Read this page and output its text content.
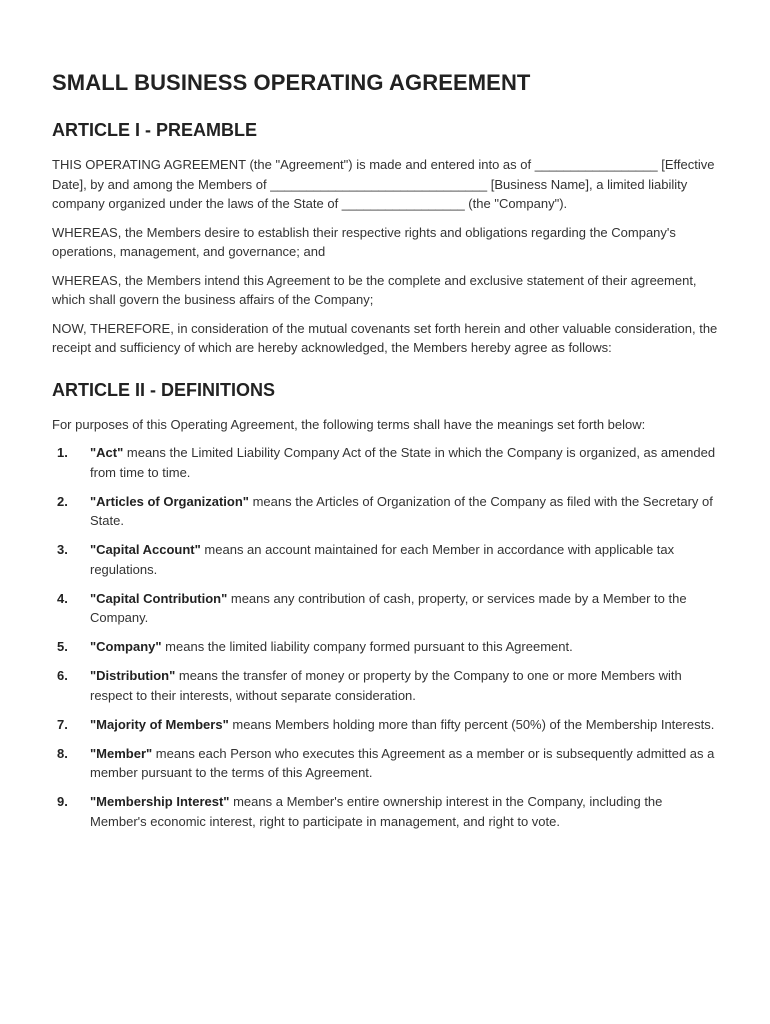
SMALL BUSINESS OPERATING AGREEMENT
ARTICLE I - PREAMBLE

THIS OPERATING AGREEMENT (the "Agreement") is made and entered into as of _________________ [Effective Date], by and among the Members of ______________________________ [Business Name], a limited liability company organized under the laws of the State of _________________ (the "Company").

WHEREAS, the Members desire to establish their respective rights and obligations regarding the Company's operations, management, and governance; and

WHEREAS, the Members intend this Agreement to be the complete and exclusive statement of their agreement, which shall govern the business affairs of the Company;

NOW, THEREFORE, in consideration of the mutual covenants set forth herein and other valuable consideration, the receipt and sufficiency of which are hereby acknowledged, the Members hereby agree as follows:

ARTICLE II - DEFINITIONS

For purposes of this Operating Agreement, the following terms shall have the meanings set forth below:

1. "Act" means the Limited Liability Company Act of the State in which the Company is organized, as amended from time to time.
2. "Articles of Organization" means the Articles of Organization of the Company as filed with the Secretary of State.
3. "Capital Account" means an account maintained for each Member in accordance with applicable tax regulations.
4. "Capital Contribution" means any contribution of cash, property, or services made by a Member to the Company.
5. "Company" means the limited liability company formed pursuant to this Agreement.
6. "Distribution" means the transfer of money or property by the Company to one or more Members with respect to their interests, without separate consideration.
7. "Majority of Members" means Members holding more than fifty percent (50%) of the Membership Interests.
8. "Member" means each Person who executes this Agreement as a member or is subsequently admitted as a member pursuant to the terms of this Agreement.
9. "Membership Interest" means a Member's entire ownership interest in the Company, including the Member's economic interest, right to participate in management, and right to vote.
